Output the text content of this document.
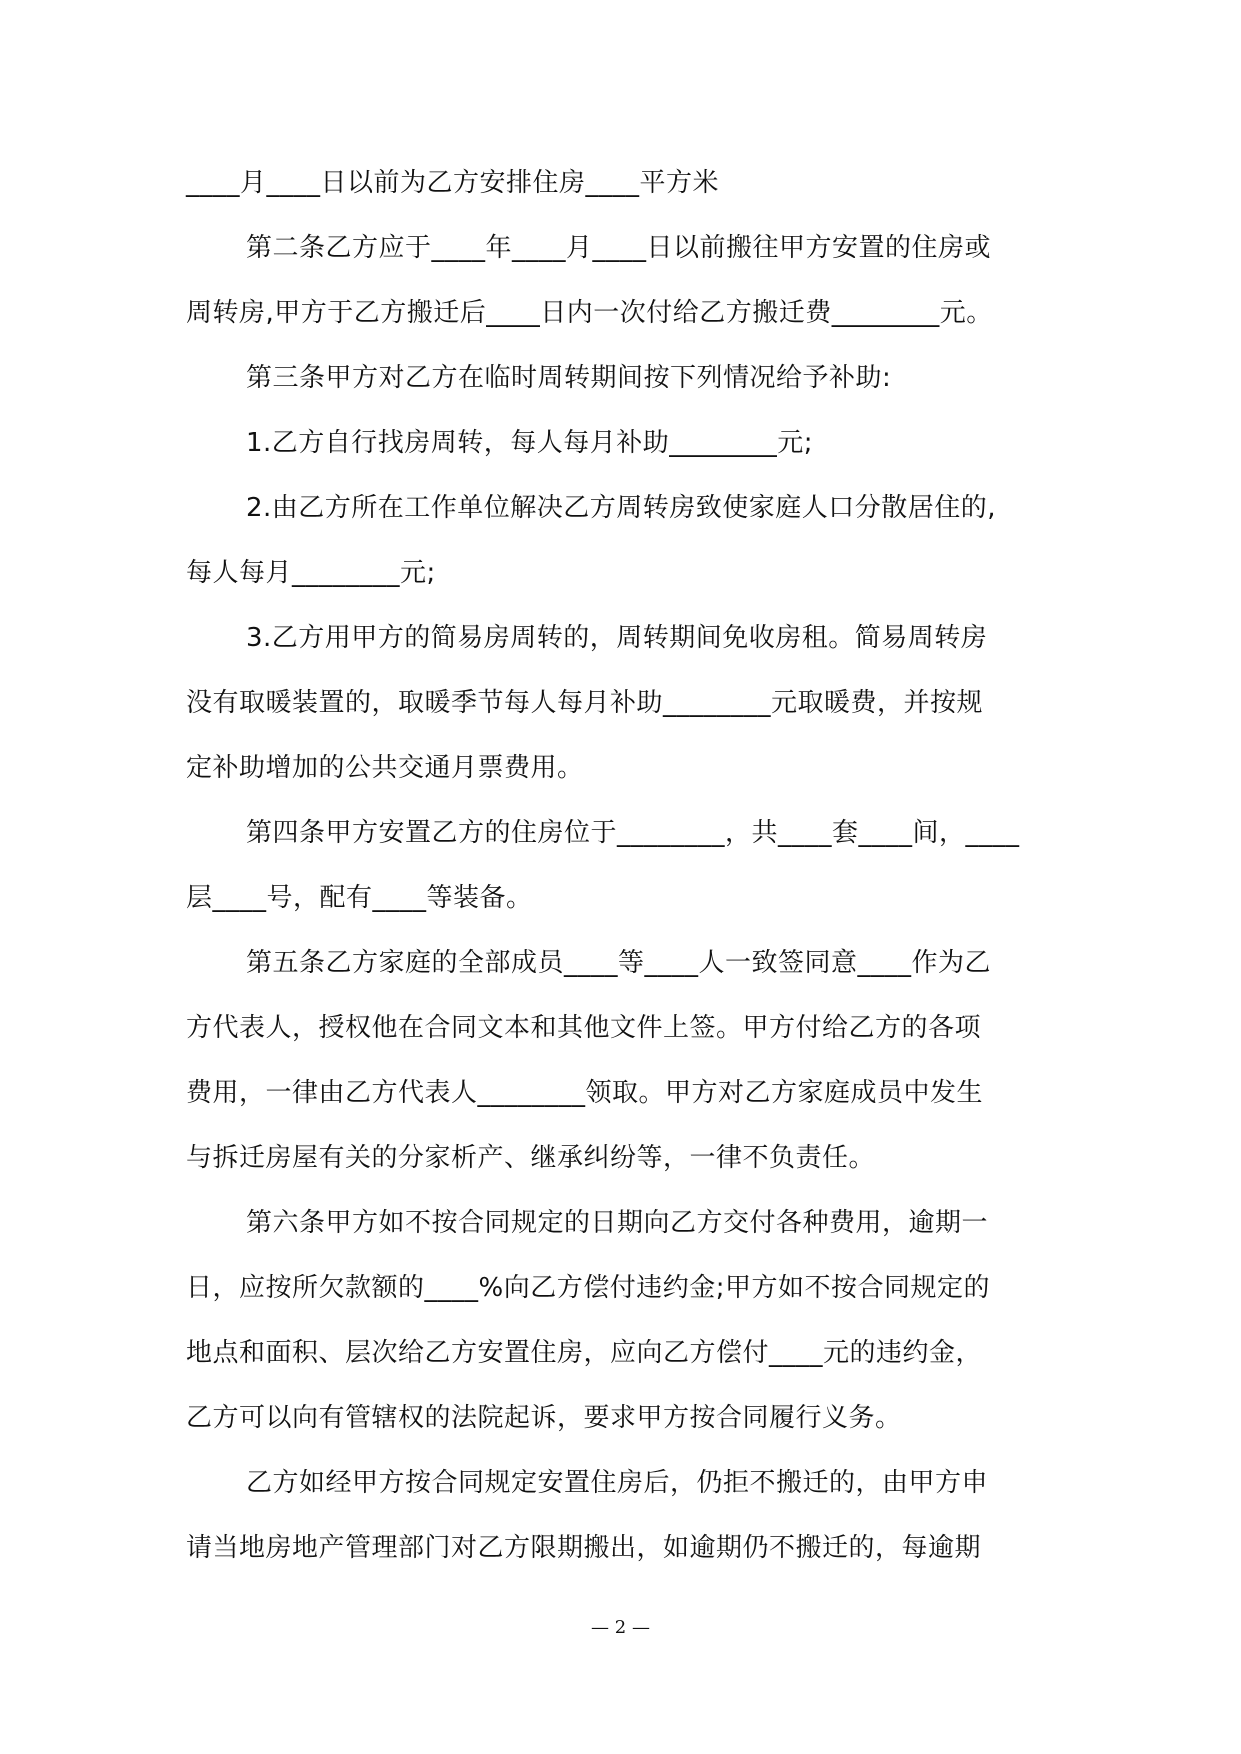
____月____日以前为乙方安排住房____平方米
第二条乙方应于____年____月____日以前搬往甲方安置的住房或
周转房,甲方于乙方搬迁后____日内一次付给乙方搬迁费________元。
第三条甲方对乙方在临时周转期间按下列情况给予补助:
1.乙方自行找房周转，每人每月补助________元;
2.由乙方所在工作单位解决乙方周转房致使家庭人口分散居住的,
每人每月________元;
3.乙方用甲方的简易房周转的，周转期间免收房租。简易周转房
没有取暖装置的，取暖季节每人每月补助________元取暖费，并按规
定补助增加的公共交通月票费用。
第四条甲方安置乙方的住房位于________，共____套____间，____
层____号，配有____等装备。
第五条乙方家庭的全部成员____等____人一致签同意____作为乙
方代表人，授权他在合同文本和其他文件上签。甲方付给乙方的各项
费用，一律由乙方代表人________领取。甲方对乙方家庭成员中发生
与拆迁房屋有关的分家析产、继承纠纷等，一律不负责任。
第六条甲方如不按合同规定的日期向乙方交付各种费用，逾期一
日，应按所欠款额的____%向乙方偿付违约金;甲方如不按合同规定的
地点和面积、层次给乙方安置住房，应向乙方偿付____元的违约金，
乙方可以向有管辖权的法院起诉，要求甲方按合同履行义务。
乙方如经甲方按合同规定安置住房后，仍拒不搬迁的，由甲方申
请当地房地产管理部门对乙方限期搬出，如逾期仍不搬迁的，每逾期
— 2 —
